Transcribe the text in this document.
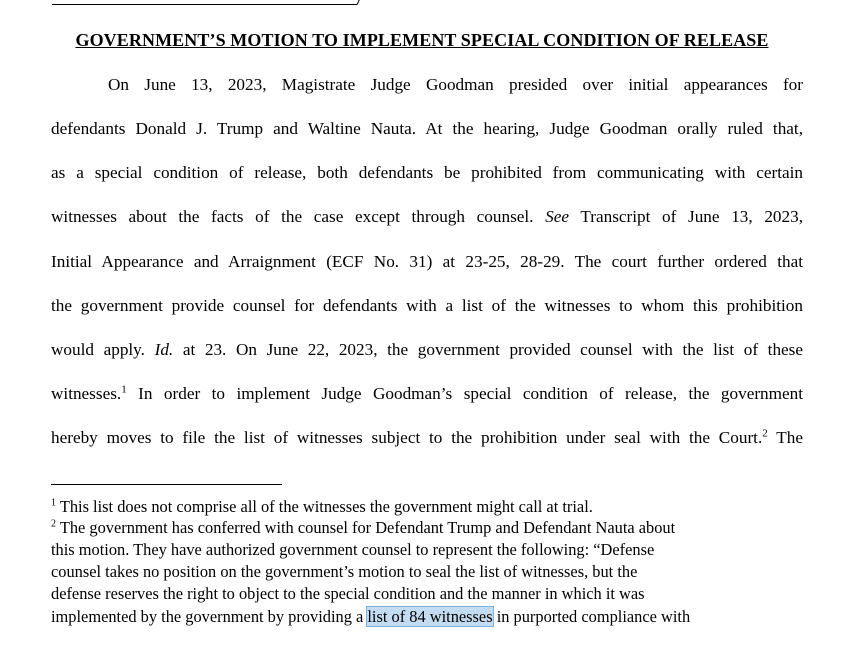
GOVERNMENT’S MOTION TO IMPLEMENT SPECIAL CONDITION OF RELEASE
On June 13, 2023, Magistrate Judge Goodman presided over initial appearances for
defendants Donald J. Trump and Waltine Nauta. At the hearing, Judge Goodman orally ruled that,
as a special condition of release, both defendants be prohibited from communicating with certain
witnesses about the facts of the case except through counsel. See Transcript of June 13, 2023,
Initial Appearance and Arraignment (ECF No. 31) at 23-25, 28-29. The court further ordered that
the government provide counsel for defendants with a list of the witnesses to whom this prohibition
would apply. Id. at 23. On June 22, 2023, the government provided counsel with the list of these
witnesses.$^1$ In order to implement Judge Goodman’s special condition of release, the government
hereby moves to file the list of witnesses subject to the prohibition under seal with the Court.$^2$ The
$^1$ This list does not comprise all of the witnesses the government might call at trial.
$^2$ The government has conferred with counsel for Defendant Trump and Defendant Nauta about
this motion. They have authorized government counsel to represent the following: “Defense
counsel takes no position on the government’s motion to seal the list of witnesses, but the
defense reserves the right to object to the special condition and the manner in which it was
implemented by the government by providing a list of 84 witnesses in purported compliance with
